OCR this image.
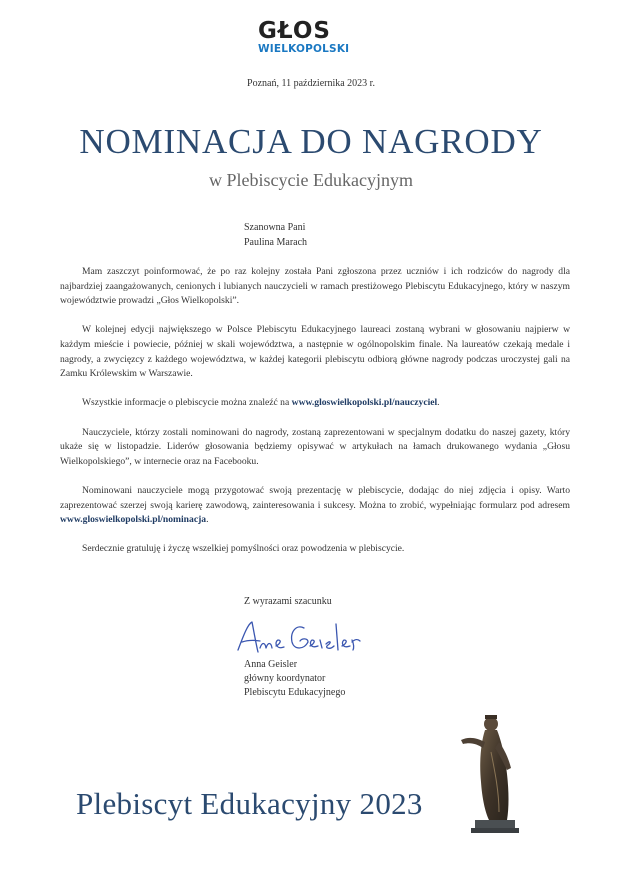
GŁOS
WIELKOPOLSKI
Poznań, 11 października 2023 r.
NOMINACJA DO NAGRODY
w Plebiscycie Edukacyjnym
Szanowna Pani
Paulina Marach

Mam zaszczyt poinformować, że po raz kolejny została Pani zgłoszona przez uczniów i ich rodziców do nagrody dla najbardziej zaangażowanych, cenionych i lubianych nauczycieli w ramach prestiżowego Plebiscytu Edukacyjnego, który w naszym województwie prowadzi „Głos Wielkopolski”.

W kolejnej edycji największego w Polsce Plebiscytu Edukacyjnego laureaci zostaną wybrani w głosowaniu najpierw w każdym mieście i powiecie, później w skali województwa, a następnie w ogólnopolskim finale. Na laureatów czekają medale i nagrody, a zwycięzcy z każdego województwa, w każdej kategorii plebiscytu odbiorą główne nagrody podczas uroczystej gali na Zamku Królewskim w Warszawie.

Wszystkie informacje o plebiscycie można znaleźć na www.gloswielkopolski.pl/nauczyciel.

Nauczyciele, którzy zostali nominowani do nagrody, zostaną zaprezentowani w specjalnym dodatku do naszej gazety, który ukaże się w listopadzie. Liderów głosowania będziemy opisywać w artykułach na łamach drukowanego wydania „Głosu Wielkopolskiego”, w internecie oraz na Facebooku.

Nominowani nauczyciele mogą przygotować swoją prezentację w plebiscycie, dodając do niej zdjęcia i opisy. Warto zaprezentować szerzej swoją karierę zawodową, zainteresowania i sukcesy. Można to zrobić, wypełniając formularz pod adresem www.gloswielkopolski.pl/nominacja.

Serdecznie gratuluję i życzę wszelkiej pomyślności oraz powodzenia w plebiscycie.

Z wyrazami szacunku
Anna Geisler
główny koordynator
Plebiscytu Edukacyjnego
Plebiscyt Edukacyjny 2023
